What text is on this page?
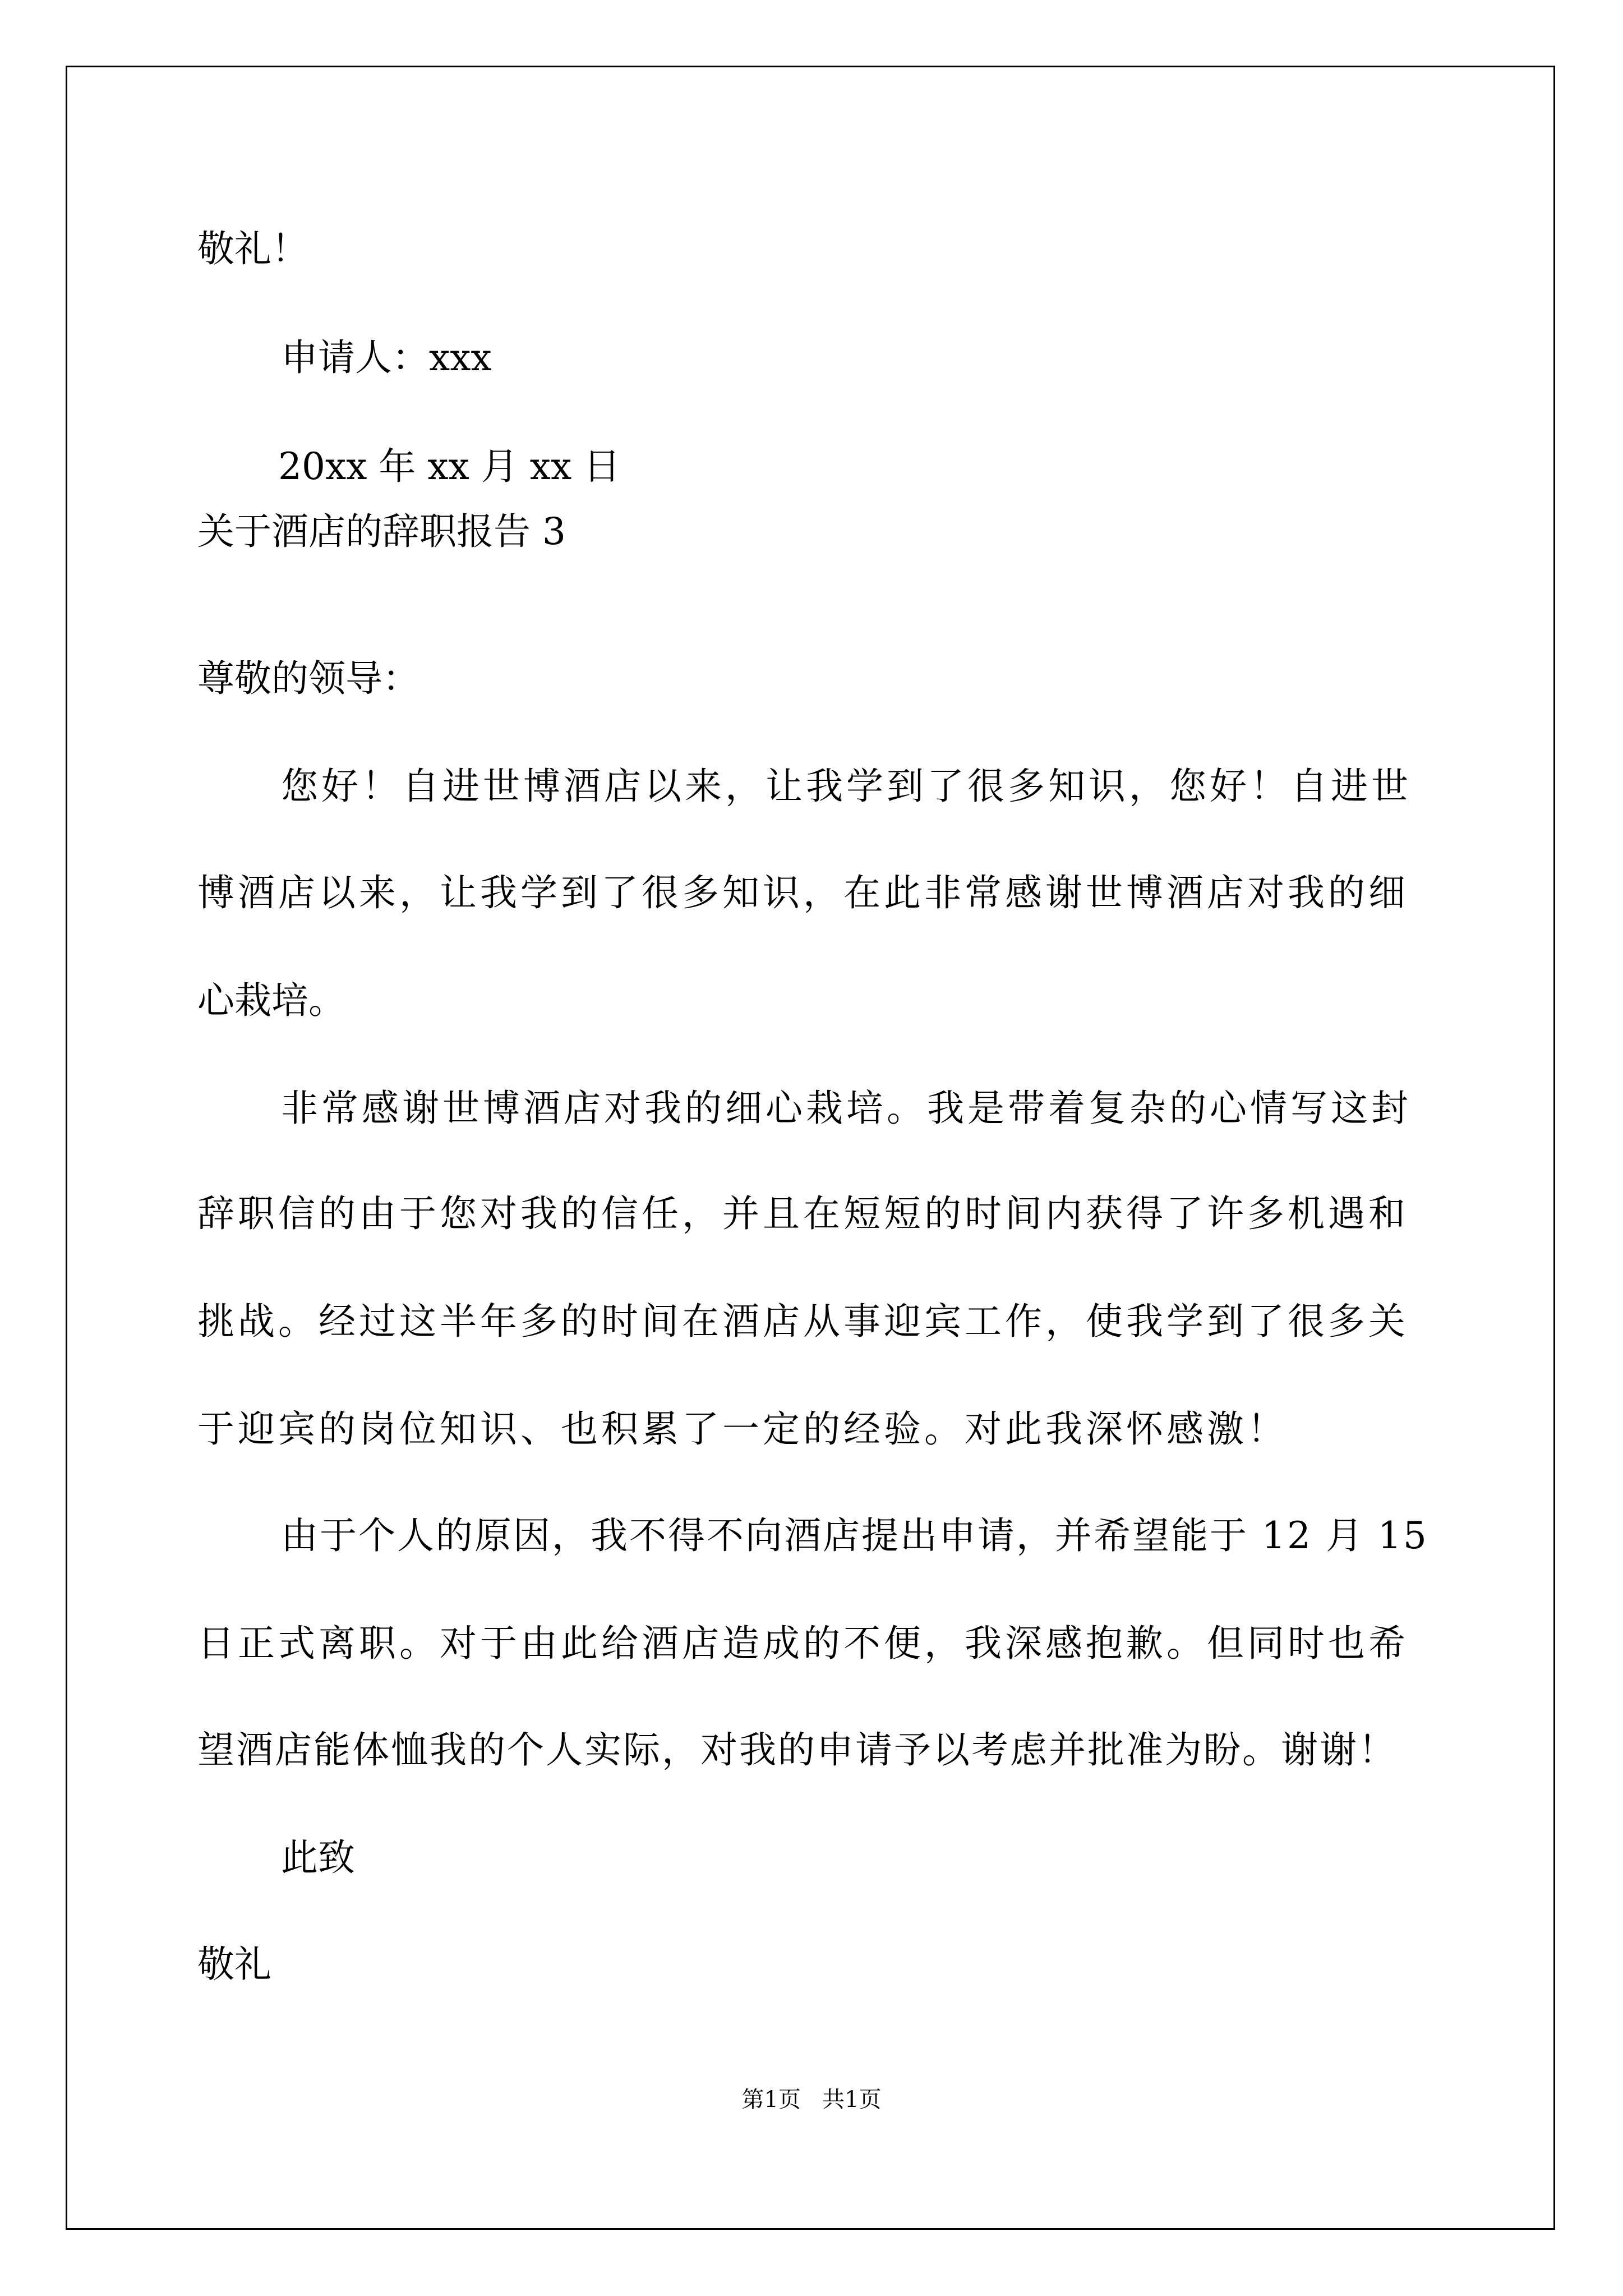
敬礼！

申请人：xxx

20xx 年 xx 月 xx 日

关于酒店的辞职报告 3

尊敬的领导：

您好！自进世博酒店以来，让我学到了很多知识，您好！自进世

博酒店以来，让我学到了很多知识，在此非常感谢世博酒店对我的细

心栽培。

非常感谢世博酒店对我的细心栽培。我是带着复杂的心情写这封

辞职信的由于您对我的信任，并且在短短的时间内获得了许多机遇和

挑战。经过这半年多的时间在酒店从事迎宾工作，使我学到了很多关

于迎宾的岗位知识、也积累了一定的经验。对此我深怀感激！

由于个人的原因，我不得不向酒店提出申请，并希望能于 12 月 15

日正式离职。对于由此给酒店造成的不便，我深感抱歉。但同时也希

望酒店能体恤我的个人实际，对我的申请予以考虑并批准为盼。谢谢！

此致

敬礼

第1页   共1页
